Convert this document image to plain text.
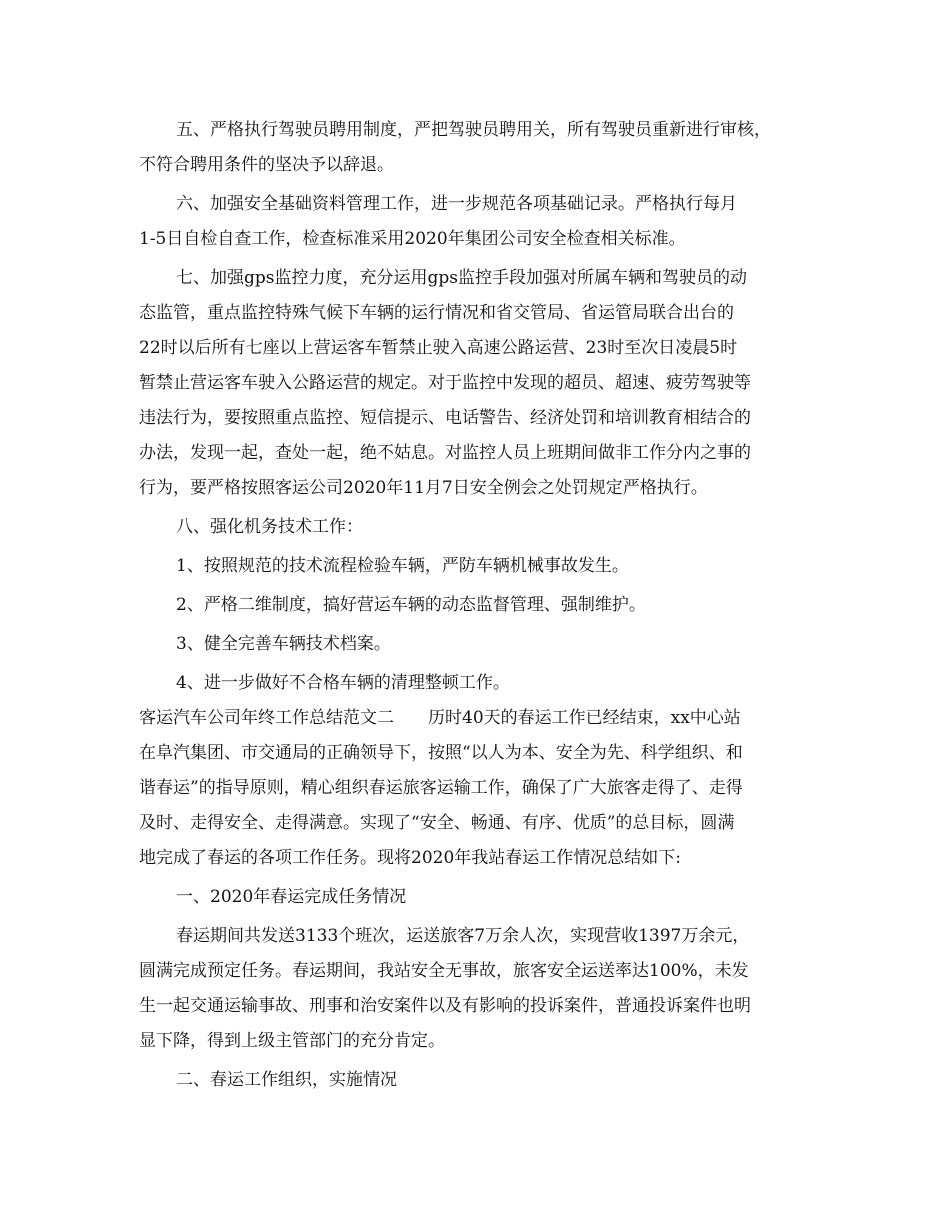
五、严格执行驾驶员聘用制度，严把驾驶员聘用关，所有驾驶员重新进行审核，
不符合聘用条件的坚决予以辞退。
六、加强安全基础资料管理工作，进一步规范各项基础记录。严格执行每月
1-5日自检自查工作，检查标准采用2020年集团公司安全检查相关标准。
七、加强gps监控力度，充分运用gps监控手段加强对所属车辆和驾驶员的动
态监管，重点监控特殊气候下车辆的运行情况和省交管局、省运管局联合出台的
22时以后所有七座以上营运客车暂禁止驶入高速公路运营、23时至次日凌晨5时
暂禁止营运客车驶入公路运营的规定。对于监控中发现的超员、超速、疲劳驾驶等
违法行为，要按照重点监控、短信提示、电话警告、经济处罚和培训教育相结合的
办法，发现一起，查处一起，绝不姑息。对监控人员上班期间做非工作分内之事的
行为，要严格按照客运公司2020年11月7日安全例会之处罚规定严格执行。
八、强化机务技术工作：
1、按照规范的技术流程检验车辆，严防车辆机械事故发生。
2、严格二维制度，搞好营运车辆的动态监督管理、强制维护。
3、健全完善车辆技术档案。
4、进一步做好不合格车辆的清理整顿工作。
客运汽车公司年终工作总结范文二　　历时40天的春运工作已经结束，xx中心站
在阜汽集团、市交通局的正确领导下，按照“以人为本、安全为先、科学组织、和
谐春运”的指导原则，精心组织春运旅客运输工作，确保了广大旅客走得了、走得
及时、走得安全、走得满意。实现了“安全、畅通、有序、优质”的总目标，圆满
地完成了春运的各项工作任务。现将2020年我站春运工作情况总结如下:
一、2020年春运完成任务情况
春运期间共发送3133个班次，运送旅客7万余人次，实现营收1397万余元，
圆满完成预定任务。春运期间，我站安全无事故，旅客安全运送率达100%，未发
生一起交通运输事故、刑事和治安案件以及有影响的投诉案件，普通投诉案件也明
显下降，得到上级主管部门的充分肯定。
二、春运工作组织，实施情况
